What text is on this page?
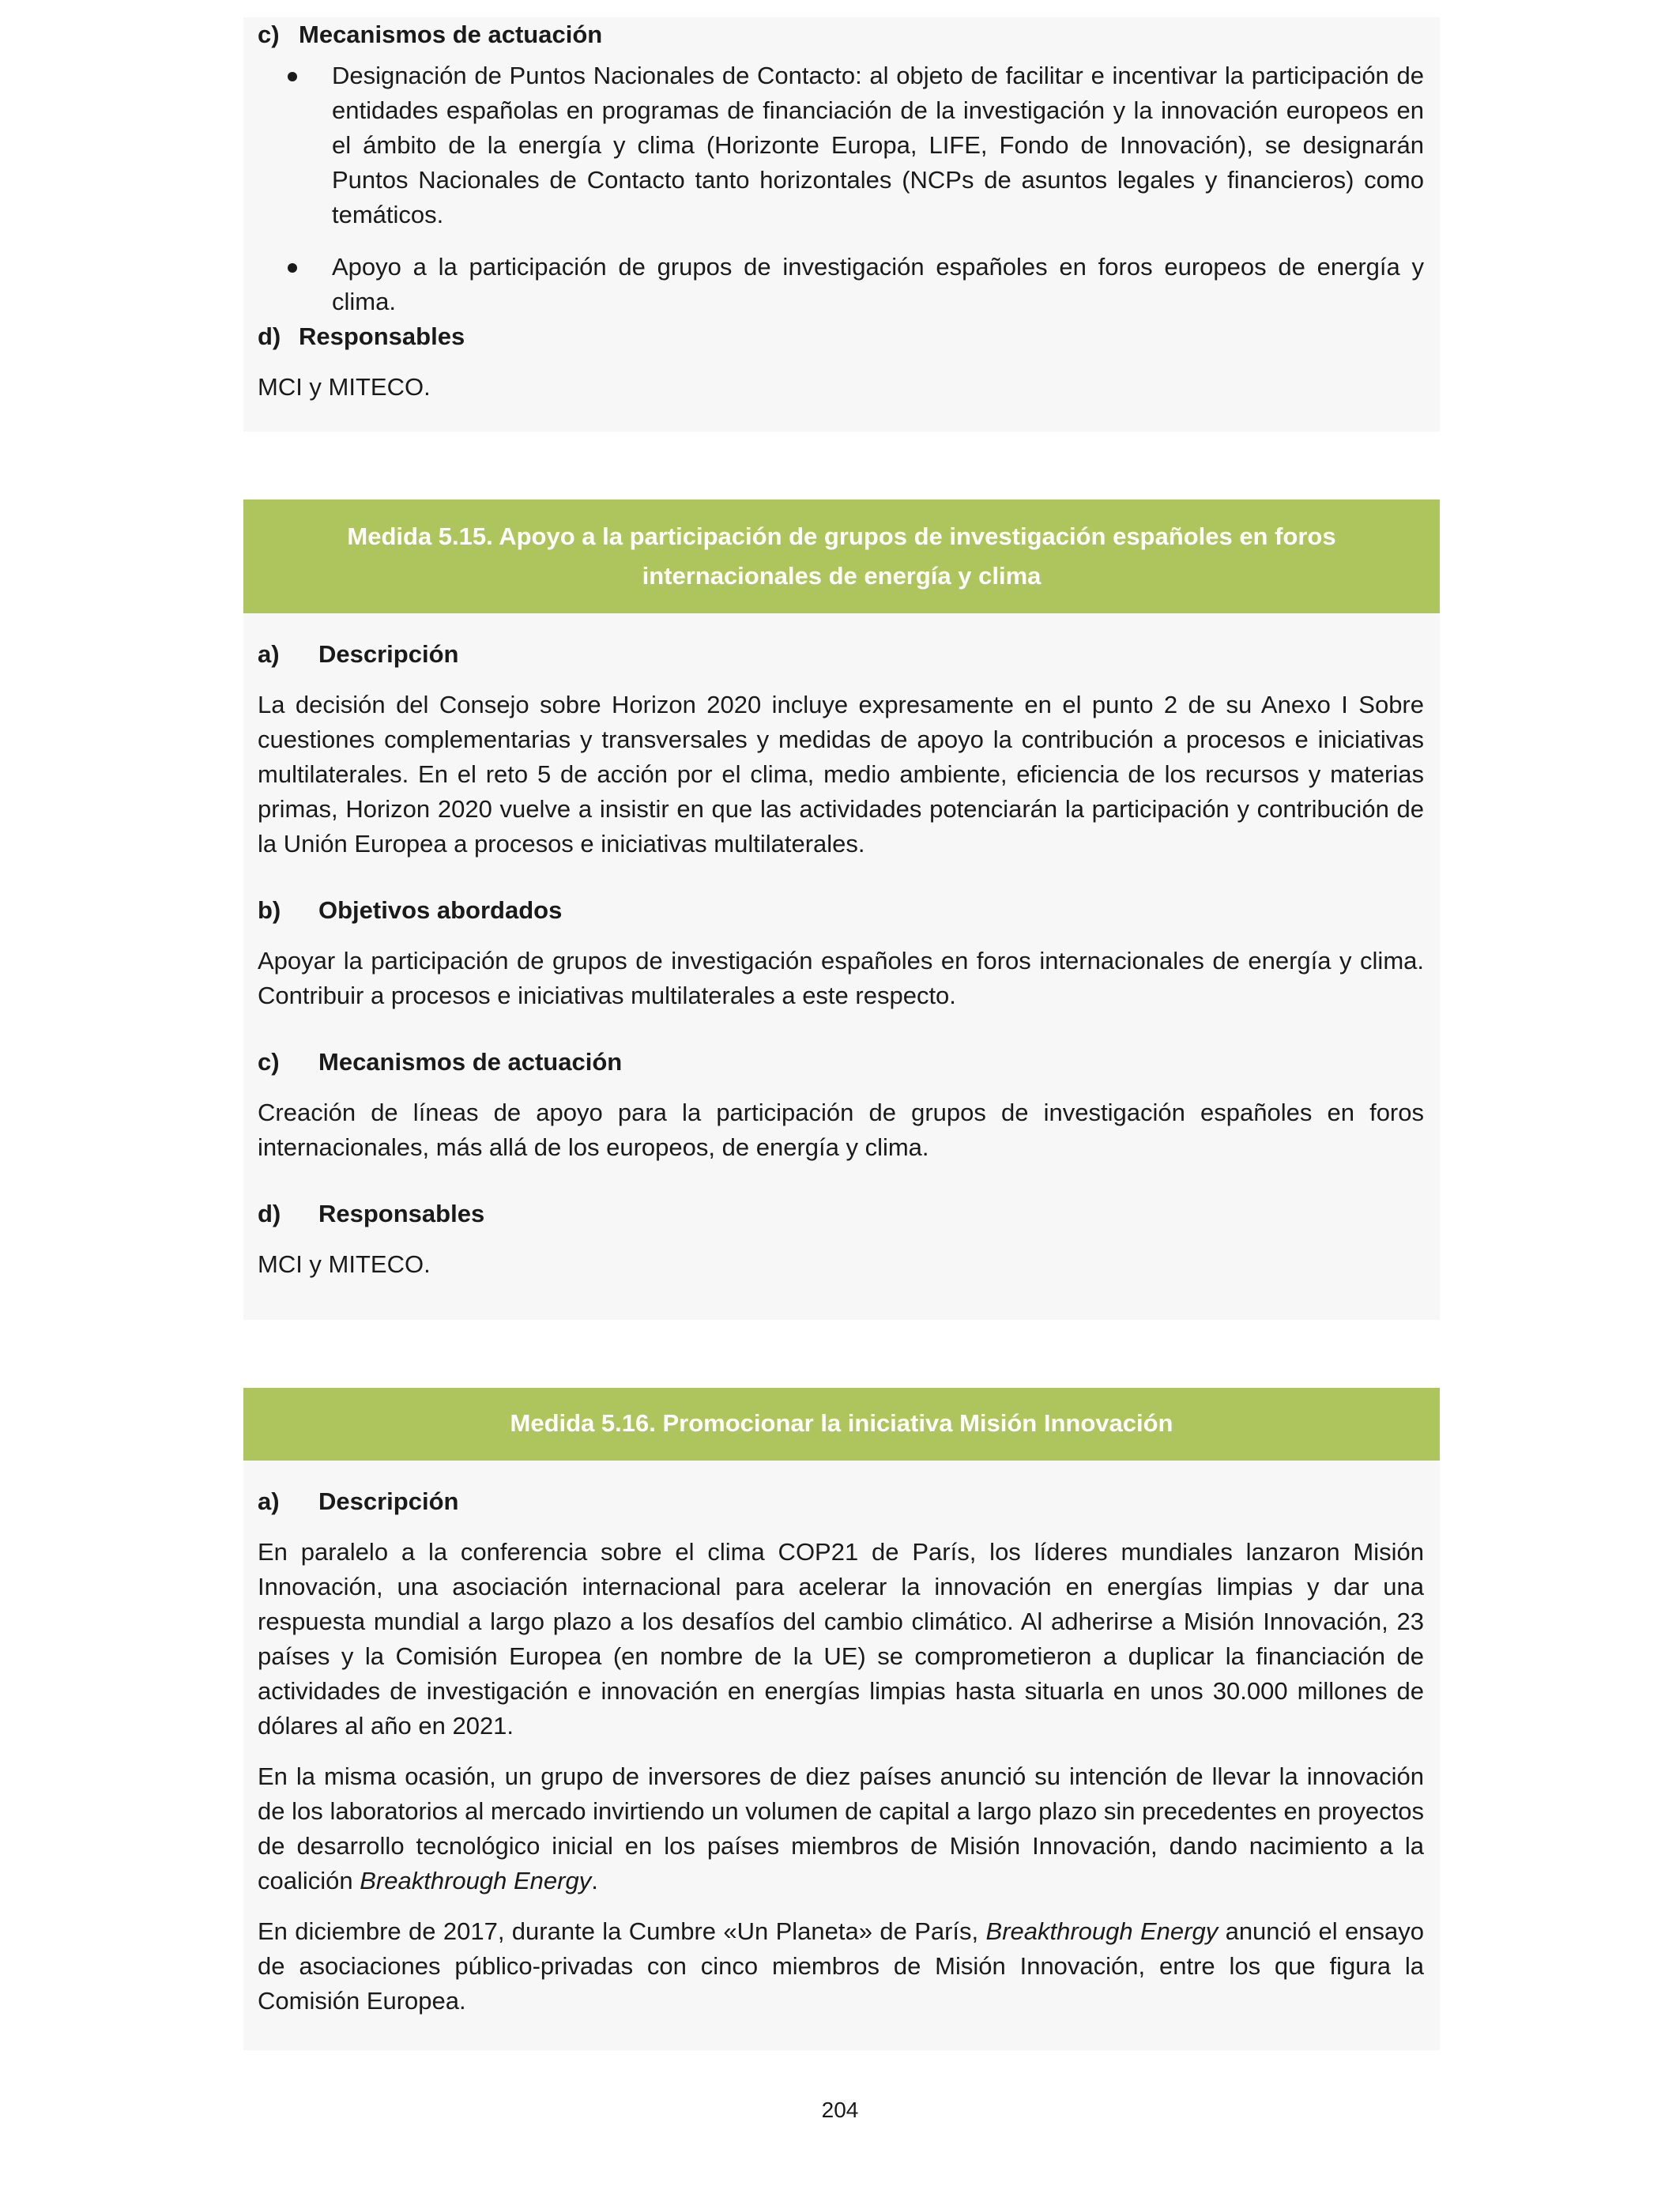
c) Mecanismos de actuación
Designación de Puntos Nacionales de Contacto: al objeto de facilitar e incentivar la participación de entidades españolas en programas de financiación de la investigación y la innovación europeos en el ámbito de la energía y clima (Horizonte Europa, LIFE, Fondo de Innovación), se designarán Puntos Nacionales de Contacto tanto horizontales (NCPs de asuntos legales y financieros) como temáticos.
Apoyo a la participación de grupos de investigación españoles en foros europeos de energía y clima.
d) Responsables

MCI y MITECO.

Medida 5.15. Apoyo a la participación de grupos de investigación españoles en foros internacionales de energía y clima
a)	Descripción

La decisión del Consejo sobre Horizon 2020 incluye expresamente en el punto 2 de su Anexo I Sobre cuestiones complementarias y transversales y medidas de apoyo la contribución a procesos e iniciativas multilaterales. En el reto 5 de acción por el clima, medio ambiente, eficiencia de los recursos y materias primas, Horizon 2020 vuelve a insistir en que las actividades potenciarán la participación y contribución de la Unión Europea a procesos e iniciativas multilaterales.

b)	Objetivos abordados

Apoyar la participación de grupos de investigación españoles en foros internacionales de energía y clima. Contribuir a procesos e iniciativas multilaterales a este respecto.

c)	Mecanismos de actuación

Creación de líneas de apoyo para la participación de grupos de investigación españoles en foros internacionales, más allá de los europeos, de energía y clima.

d)	Responsables

MCI y MITECO.

Medida 5.16. Promocionar la iniciativa Misión Innovación
a)	Descripción

En paralelo a la conferencia sobre el clima COP21 de París, los líderes mundiales lanzaron Misión Innovación, una asociación internacional para acelerar la innovación en energías limpias y dar una respuesta mundial a largo plazo a los desafíos del cambio climático. Al adherirse a Misión Innovación, 23 países y la Comisión Europea (en nombre de la UE) se comprometieron a duplicar la financiación de actividades de investigación e innovación en energías limpias hasta situarla en unos 30.000 millones de dólares al año en 2021.

En la misma ocasión, un grupo de inversores de diez países anunció su intención de llevar la innovación de los laboratorios al mercado invirtiendo un volumen de capital a largo plazo sin precedentes en proyectos de desarrollo tecnológico inicial en los países miembros de Misión Innovación, dando nacimiento a la coalición Breakthrough Energy.

En diciembre de 2017, durante la Cumbre «Un Planeta» de París, Breakthrough Energy anunció el ensayo de asociaciones público-privadas con cinco miembros de Misión Innovación, entre los que figura la Comisión Europea.

204
